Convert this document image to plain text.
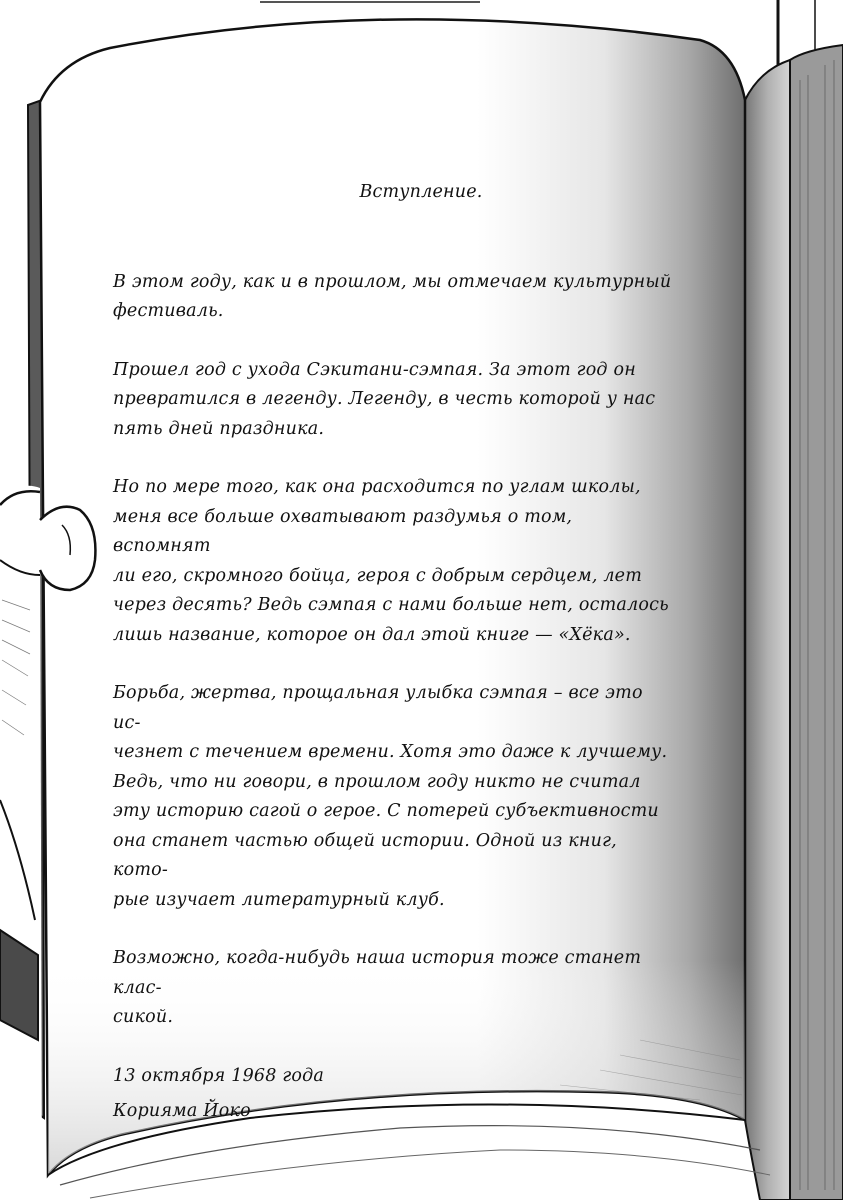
Вступление.
В этом году, как и в прошлом, мы отмечаем культурный
фестиваль.
Прошел год с ухода Сэкитани-сэмпая. За этот год он
превратился в легенду. Легенду, в честь которой у нас
пять дней праздника.
Но по мере того, как она расходится по углам школы,
меня все больше охватывают раздумья о том, вспомнят
ли его, скромного бойца, героя с добрым сердцем, лет
через десять? Ведь сэмпая с нами больше нет, осталось
лишь название, которое он дал этой книге — «Хёка».
Борьба, жертва, прощальная улыбка сэмпая – все это ис-
чезнет с течением времени. Хотя это даже к лучшему.
Ведь, что ни говори, в прошлом году никто не считал
эту историю сагой о герое. С потерей субъективности
она станет частью общей истории. Одной из книг, кото-
рые изучает литературный клуб.
Возможно, когда-нибудь наша история тоже станет клас-
сикой.
13 октября 1968 года
Корияма Йоко
